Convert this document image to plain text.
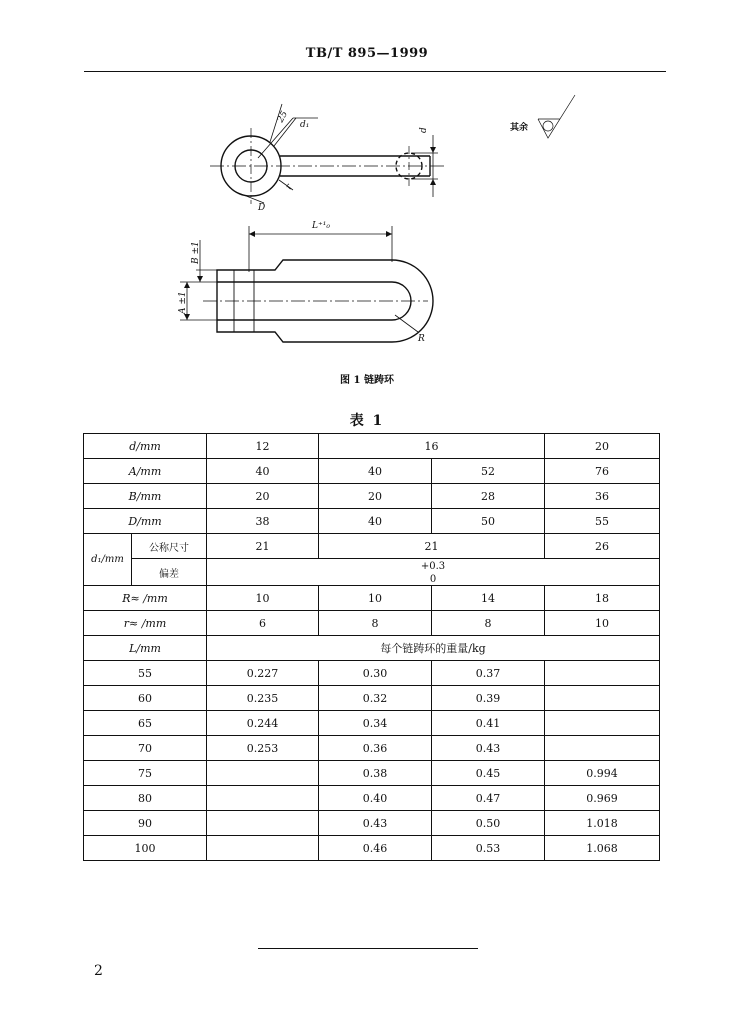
TB/T 895—1999
25
d₁
d
D
r
L⁺¹₀
B ±1
A ±1
R
其余
图 1 链踌环
表 1
d/mm		12	16		20
A/mm		40	40	52	76
B/mm		20	20	28	36
D/mm		38	40	50	55
d₁/mm	公称尺寸	21	21		26
	偏差	+0.3
0			
R≈ /mm		10	10	14	18
r≈ /mm		6	8	8	10
L/mm		每个链踌环的重量/kg			
55		0.227	0.30	0.37	
60		0.235	0.32	0.39	
65		0.244	0.34	0.41	
70		0.253	0.36	0.43	
75			0.38	0.45	0.994
80			0.40	0.47	0.969
90			0.43	0.50	1.018
100			0.46	0.53	1.068
2
